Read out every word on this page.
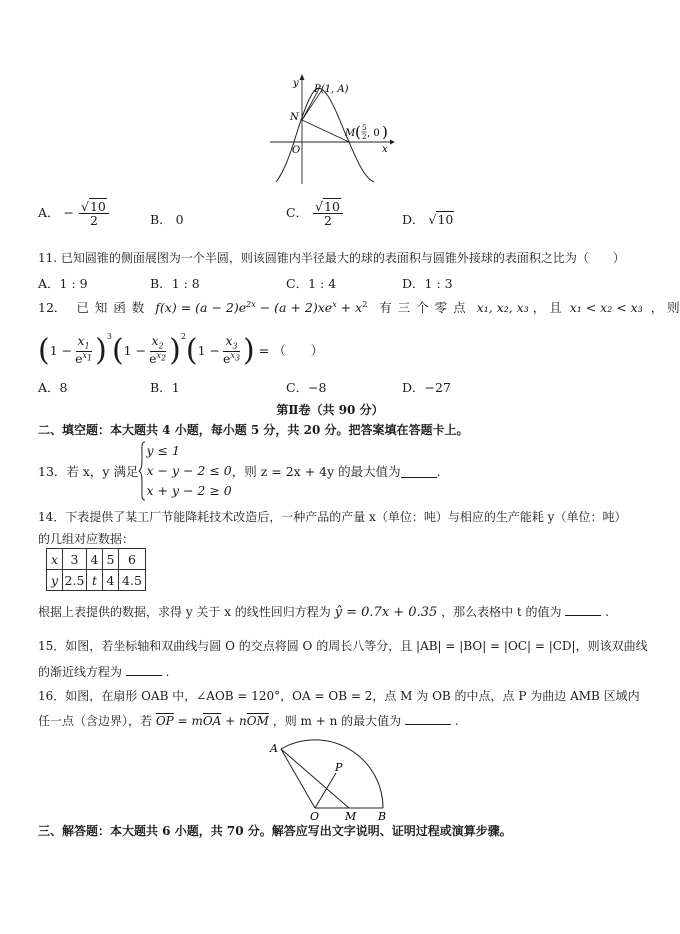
y
P(1, A)
N
O	x
M ( 5
2 , 0 )
A． − $\frac{√10}{2}$	B． 0	C． $\frac{√10}{2}$	D． √10
11. 已知圆锥的侧面展图为一个半圆，则该圆锥内半径最大的球的表面积与圆锥外接球的表面积之比为（　　）
A．1 : 9	B．1 : 8	C．1 : 4	D．1 : 3
12． 已 知 函 数 $f(x) = (a - 2)e^{2x} - (a + 2)xe^x + x^2$ 有 三 个 零 点 x₁, x₂, x₃ ， 且 x₁ < x₂ < x₃ ， 则
( $1 - \frac{x_1}{e^{x_1}} )^3$ ( $1 - \frac{x_2}{e^{x_2}} )^2$ ( $1 - \frac{x_3}{e^{x_3}}$ ) = （　　）
A．8	B．1	C．−8	D．−27
第Ⅱ卷（共 90 分）
二、填空题：本大题共 4 小题，每小题 5 分，共 20 分。把答案填在答题卡上。
13．若 x，y 满足
y ≤ 1
x − y − 2 ≤ 0
x + y − 2 ≥ 0
，则 z = 2x + 4y 的最大值为	.
14．下表提供了某工厂节能降耗技术改造后，一种产品的产量 x（单位：吨）与相应的生产能耗 y（单位：吨）
的几组对应数据：
x	3	4	5	6
y	2.5	t	4	4.5
根据上表提供的数据，求得 y 关于 x 的线性回归方程为 ŷ = 0.7x + 0.35 ，那么表格中 t 的值为	.
15．如图，若坐标轴和双曲线与圆 O 的交点将圆 O 的周长八等分，且 |AB| = |BO| = |OC| = |CD|，则该双曲线
的渐近线方程为	.
16．如图，在扇形 OAB 中，∠AOB = 120°，OA = OB = 2，点 M 为 OB 的中点，点 P 为曲边 AMB 区域内
任一点（含边界），若 $\overline{OP} = m\overline{OA} + n\overline{OM}$ ，则 m + n 的最大值为	.
A
P
O M B
三、解答题：本大题共 6 小题，共 70 分。解答应写出文字说明、证明过程或演算步骤。
